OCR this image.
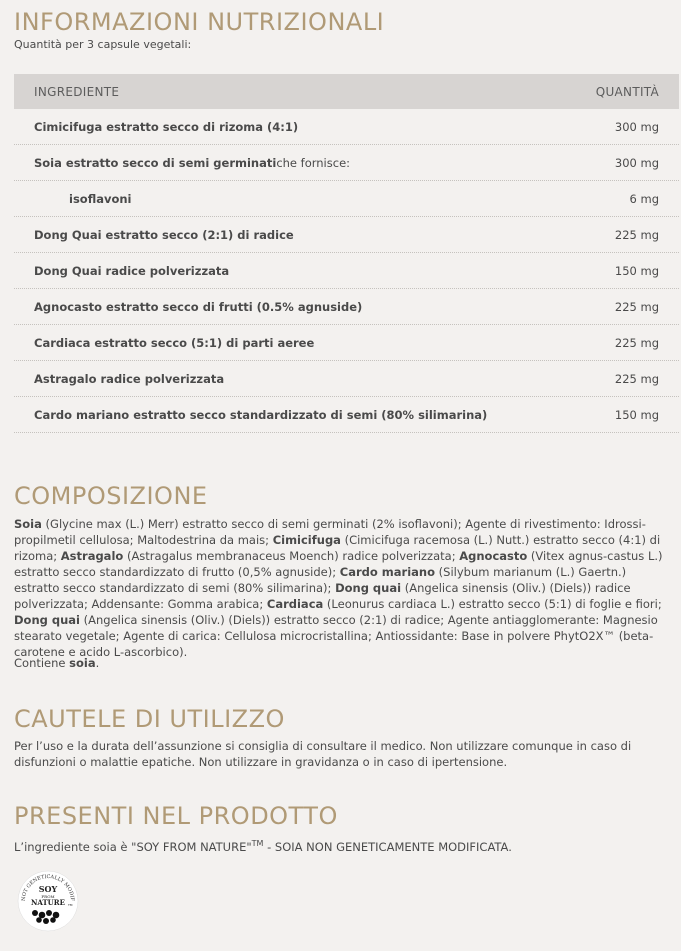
INFORMAZIONI NUTRIZIONALI

Quantità per 3 capsule vegetali:

INGREDIENTE	QUANTITÀ
Cimicifuga estratto secco di rizoma (4:1)	300 mg
Soia estratto secco di semi germinati che fornisce:	300 mg
isoflavoni	6 mg
Dong Quai estratto secco (2:1) di radice	225 mg
Dong Quai radice polverizzata	150 mg
Agnocasto estratto secco di frutti (0.5% agnuside)	225 mg
Cardiaca estratto secco (5:1) di parti aeree	225 mg
Astragalo radice polverizzata	225 mg
Cardo mariano estratto secco standardizzato di semi (80% silimarina)	150 mg
COMPOSIZIONE

Soia (Glycine max (L.) Merr) estratto secco di semi germinati (2% isoflavoni); Agente di rivestimento: Idrossi-propilmetil cellulosa; Maltodestrina da mais; Cimicifuga (Cimicifuga racemosa (L.) Nutt.) estratto secco (4:1) di rizoma; Astragalo (Astragalus membranaceus Moench) radice polverizzata; Agnocasto (Vitex agnus-castus L.) estratto secco standardizzato di frutto (0,5% agnuside); Cardo mariano (Silybum marianum (L.) Gaertn.) estratto secco standardizzato di semi (80% silimarina); Dong quai (Angelica sinensis (Oliv.) (Diels)) radice polverizzata; Addensante: Gomma arabica; Cardiaca (Leonurus cardiaca L.) estratto secco (5:1) di foglie e fiori; Dong quai (Angelica sinensis (Oliv.) (Diels)) estratto secco (2:1) di radice; Agente antiagglomerante: Magnesio stearato vegetale; Agente di carica: Cellulosa microcristallina; Antiossidante: Base in polvere PhytO2X™ (beta-carotene e acido L-ascorbico).

Contiene soia.

CAUTELE DI UTILIZZO

Per l’uso e la durata dell’assunzione si consiglia di consultare il medico. Non utilizzare comunque in caso di disfunzioni o malattie epatiche. Non utilizzare in gravidanza o in caso di ipertensione.

PRESENTI NEL PRODOTTO

L’ingrediente soia è "SOY FROM NATURE"™ - SOIA NON GENETICAMENTE MODIFICATA.

NOT GENETICALLY MODIF
SOY
FROM
NATURE	TM
